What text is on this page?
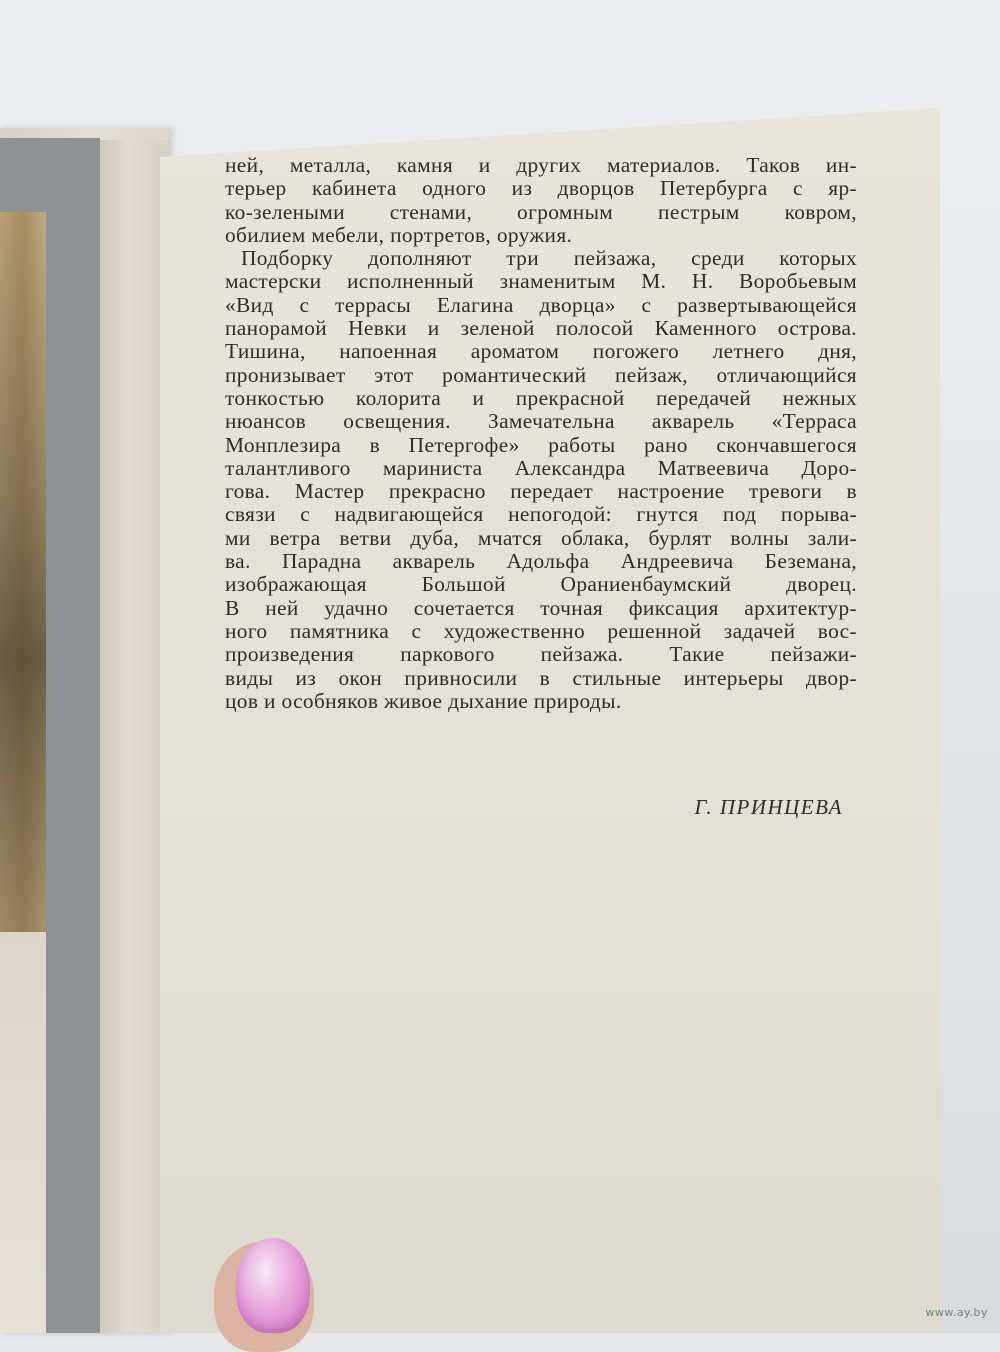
ней, металла, камня и других материалов. Таков ин-
терьер кабинета одного из дворцов Петербурга с яр-
ко-зелеными стенами, огромным пестрым ковром,
обилием мебели, портретов, оружия.
Подборку дополняют три пейзажа, среди которых
мастерски исполненный знаменитым М. Н. Воробьевым
«Вид с террасы Елагина дворца» с развертывающейся
панорамой Невки и зеленой полосой Каменного острова.
Тишина, напоенная ароматом погожего летнего дня,
пронизывает этот романтический пейзаж, отличающийся
тонкостью колорита и прекрасной передачей нежных
нюансов освещения. Замечательна акварель «Терраса
Монплезира в Петергофе» работы рано скончавшегося
талантливого мариниста Александра Матвеевича Доро-
гова. Мастер прекрасно передает настроение тревоги в
связи с надвигающейся непогодой: гнутся под порыва-
ми ветра ветви дуба, мчатся облака, бурлят волны зали-
ва. Парадна акварель Адольфа Андреевича Беземана,
изображающая Большой Ораниенбаумский дворец.
В ней удачно сочетается точная фиксация архитектур-
ного памятника с художественно решенной задачей вос-
произведения паркового пейзажа. Такие пейзажи-
виды из окон привносили в стильные интерьеры двор-
цов и особняков живое дыхание природы.
Г. ПРИНЦЕВА
www.ay.by
